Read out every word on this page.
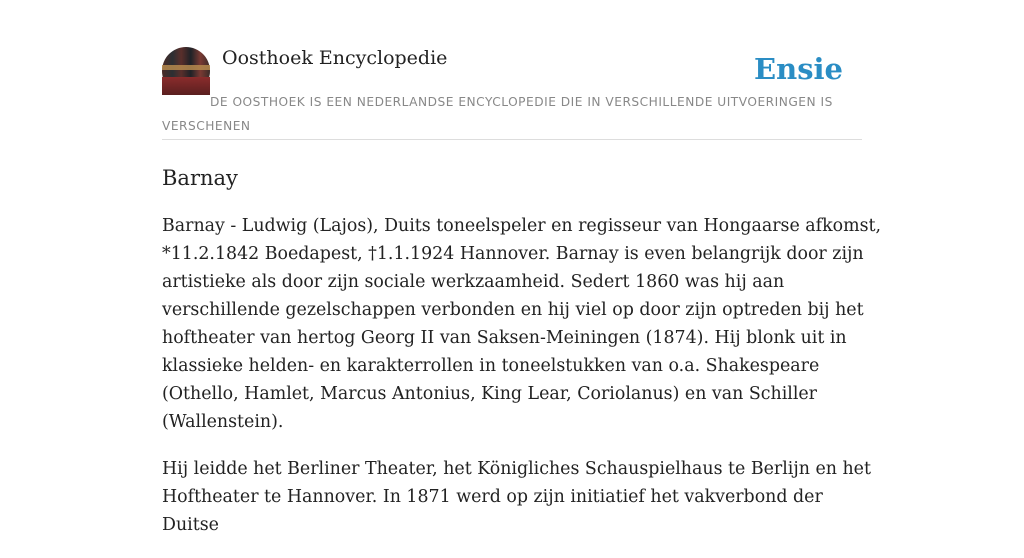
Oosthoek Encyclopedie	Ensie

DE OOSTHOEK IS EEN NEDERLANDSE ENCYCLOPEDIE DIE IN VERSCHILLENDE UITVOERINGEN IS VERSCHENEN

Barnay

Barnay - Ludwig (Lajos), Duits toneelspeler en regisseur van Hongaarse afkomst, *11.2.1842 Boedapest, †1.1.1924 Hannover. Barnay is even belangrijk door zijn artistieke als door zijn sociale werkzaamheid. Sedert 1860 was hij aan verschillende gezelschappen verbonden en hij viel op door zijn optreden bij het hoftheater van hertog Georg II van Saksen-Meiningen (1874). Hij blonk uit in klassieke helden- en karakterrollen in toneelstukken van o.a. Shakespeare (Othello, Hamlet, Marcus Antonius, King Lear, Coriolanus) en van Schiller (Wallenstein).

Hij leidde het Berliner Theater, het Königliches Schauspielhaus te Berlijn en het Hoftheater te Hannover. In 1871 werd op zijn initiatief het vakverbond der Duitse
